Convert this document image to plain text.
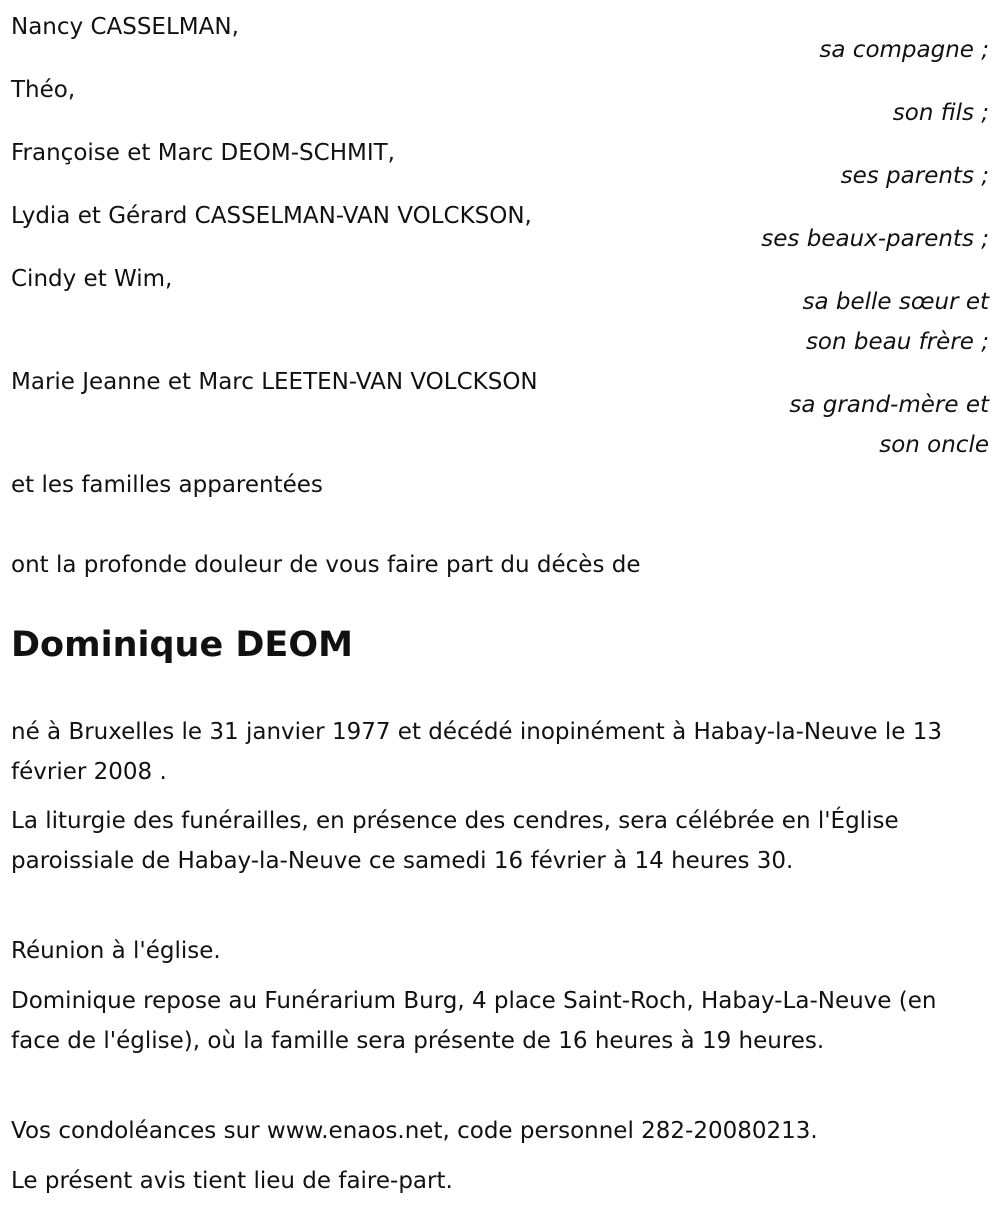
Nancy CASSELMAN,
sa compagne ;
Théo,
son fils ;
Françoise et Marc DEOM-SCHMIT,
ses parents ;
Lydia et Gérard CASSELMAN-VAN VOLCKSON,
ses beaux-parents ;
Cindy et Wim,
sa belle sœur et
son beau frère ;
Marie Jeanne et Marc LEETEN-VAN VOLCKSON
sa grand-mère et
son oncle
et les familles apparentées
ont la profonde douleur de vous faire part du décès de
Dominique DEOM
né à Bruxelles le 31 janvier 1977 et décédé inopinément à Habay-la-Neuve le 13 février 2008 .
La liturgie des funérailles, en présence des cendres, sera célébrée en l'Église paroissiale de Habay-la-Neuve ce samedi 16 février à 14 heures 30.
Réunion à l'église.
Dominique repose au Funérarium Burg, 4 place Saint-Roch, Habay-La-Neuve (en face de l'église), où la famille sera présente de 16 heures à 19 heures.
Vos condoléances sur www.enaos.net, code personnel 282-20080213.
Le présent avis tient lieu de faire-part.
